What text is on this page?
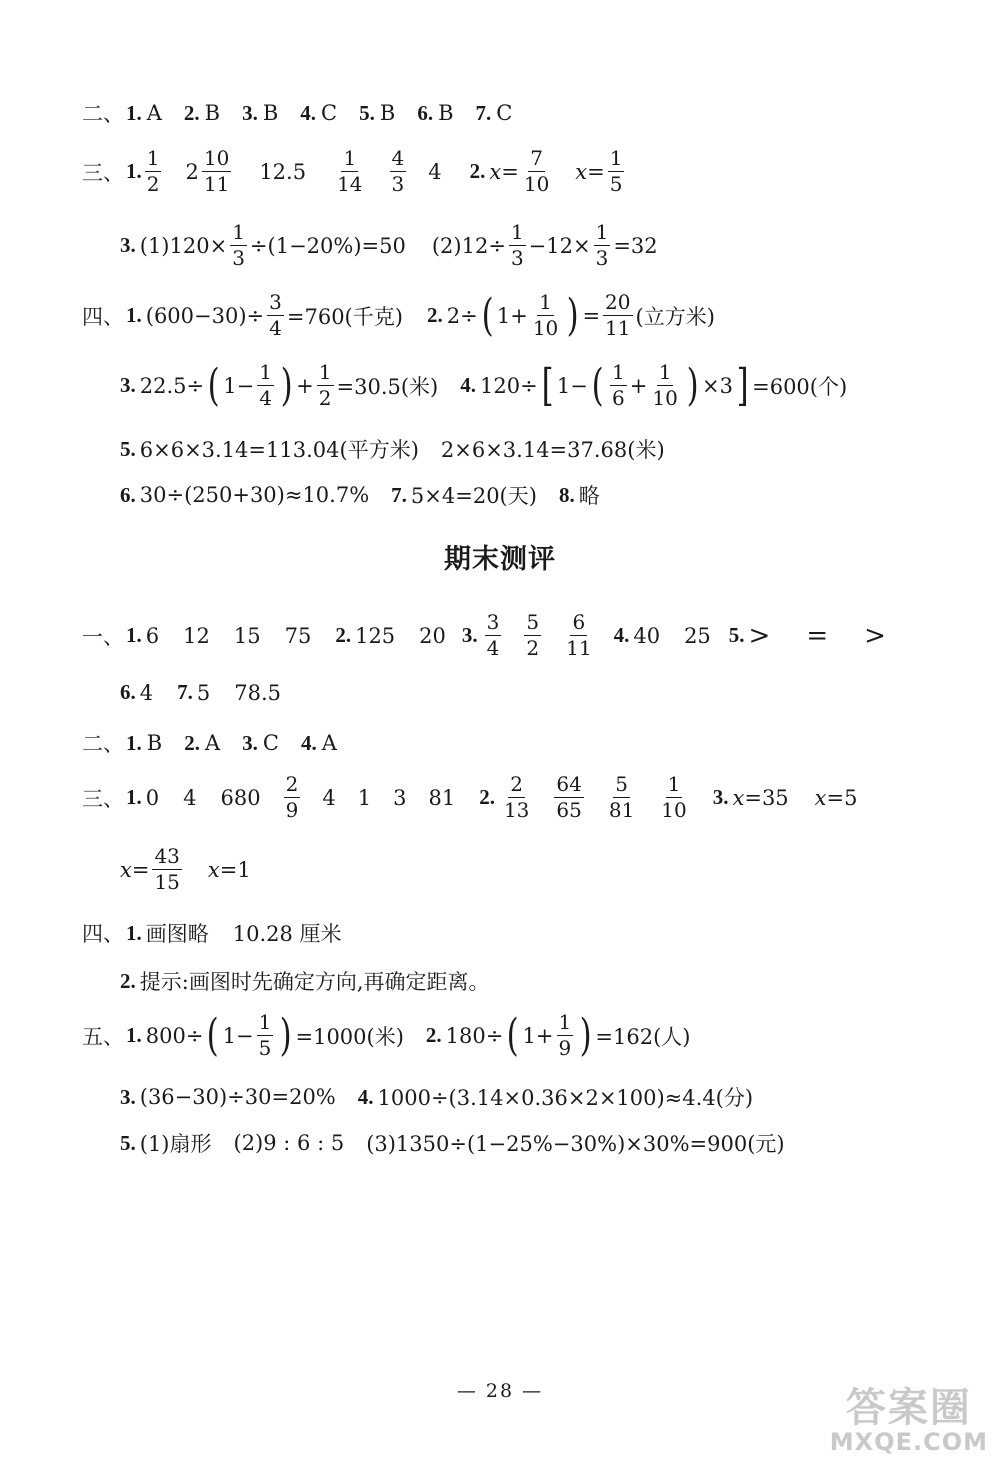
二、 1. A 2. B 3. B 4. C 5. B 6. B 7. C
三、 1. $\frac{1}{2} 2 \frac{10}{11} 12.5 \frac{1}{14} \frac{4}{3} 4$ 2. $x = \frac{7}{10}$ $x = \frac{1}{5}$
3. $(1)120\times \frac{1}{3} \div(1-20\%)=50$ $(2)12\div \frac{1}{3} -12\times \frac{1}{3} =32$
四、 1. $(600-30)\div \frac{3}{4} =760$(千克) 2. 2÷ ( $1+ \frac{1}{10}$ ) = $\frac{20}{11}$ (立方米)
3. 22.5÷ ( $1- \frac{1}{4}$ ) + $\frac{1}{2} =30.5$(米) 4. 120÷ [ 1− ( $\frac{1}{6} + \frac{1}{10}$ ) ×3 ] =600(个)
5. 6×6×3.14=113.04(平方米) 2×6×3.14=37.68(米)
6. 30÷(250+30)≈10.7% 7. 5×4=20(天) 8. 略
期末测评
一、 1. 6 12 15 75 2. 125 20 3. $\frac{3}{4} \frac{5}{2} \frac{6}{11} 4$. 40 25 5. > = >
6. 4 7. 5 78.5
二、 1. B 2. A 3. C 4. A
三、 1. 0 4 $680 \frac{2}{9} 4$ 1 3 81 2. $\frac{2}{13} \frac{64}{65} \frac{5}{81} \frac{1}{10} 3$. x =35 x =5
$x = \frac{43}{15}$ x =1
四、 1. 画图略 10.28 厘米
2. 提示:画图时先确定方向,再确定距离。
五、 1. 800÷ ( $1- \frac{1}{5}$ ) =1000(米) 2. 180÷ ( $1+ \frac{1}{9}$ ) =162(人)
3. (36−30)÷30=20% 4. 1000÷(3.14×0.36×2×100)≈4.4(分)
5. (1)扇形 (2)9 : 6 : 5 (3)1350÷(1−25%−30%)×30%=900(元)
— 28 —	答案圈
MXQE.COM
